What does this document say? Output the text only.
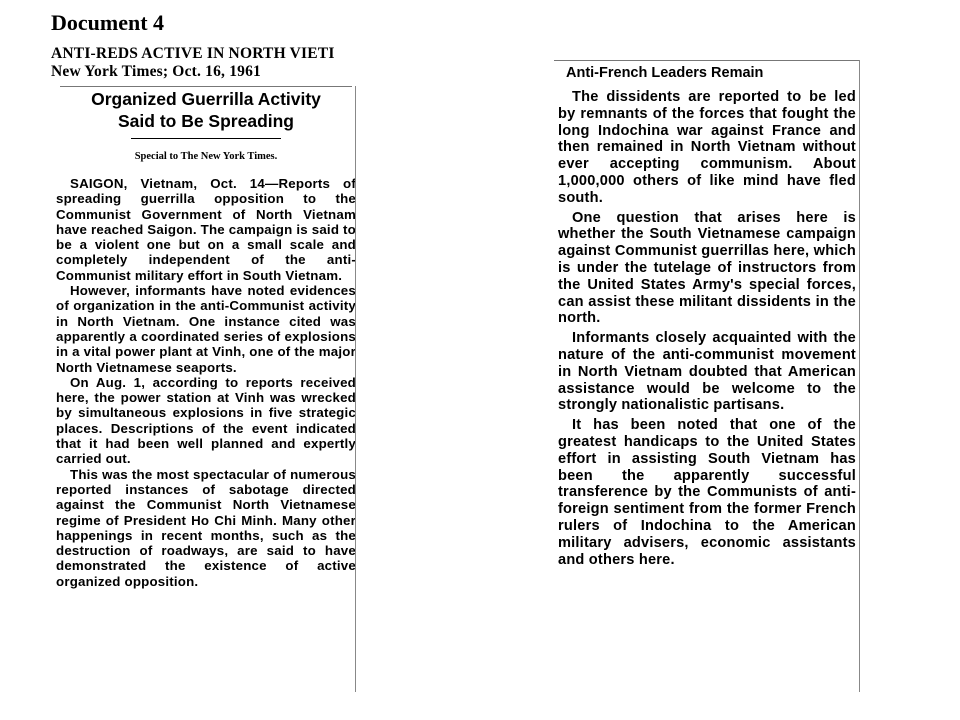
Document 4
ANTI-REDS ACTIVE IN NORTH VIETI
New York Times; Oct. 16, 1961
Organized Guerrilla Activity
Said to Be Spreading
Special to The New York Times.

SAIGON, Vietnam, Oct. 14—Reports of spreading guerrilla opposition to the Communist Government of North Vietnam have reached Saigon. The campaign is said to be a violent one but on a small scale and completely independent of the anti-Communist military effort in South Vietnam.

However, informants have noted evidences of organization in the anti-Communist activity in North Vietnam. One instance cited was apparently a coordinated series of explosions in a vital power plant at Vinh, one of the major North Vietnamese seaports.

On Aug. 1, according to reports received here, the power station at Vinh was wrecked by simultaneous explosions in five strategic places. Descriptions of the event indicated that it had been well planned and expertly carried out.

This was the most spectacular of numerous reported instances of sabotage directed against the Communist North Vietnamese regime of President Ho Chi Minh. Many other happenings in recent months, such as the destruction of roadways, are said to have demonstrated the existence of active organized opposition.

Anti-French Leaders Remain

The dissidents are reported to be led by remnants of the forces that fought the long Indochina war against France and then remained in North Vietnam without ever accepting communism. About 1,000,000 others of like mind have fled south.

One question that arises here is whether the South Vietnamese campaign against Communist guerrillas here, which is under the tutelage of instructors from the United States Army's special forces, can assist these militant dissidents in the north.

Informants closely acquainted with the nature of the anti-communist movement in North Vietnam doubted that American assistance would be welcome to the strongly nationalistic partisans.

It has been noted that one of the greatest handicaps to the United States effort in assisting South Vietnam has been the apparently successful transference by the Communists of anti-foreign sentiment from the former French rulers of Indochina to the American military advisers, economic assistants and others here.
